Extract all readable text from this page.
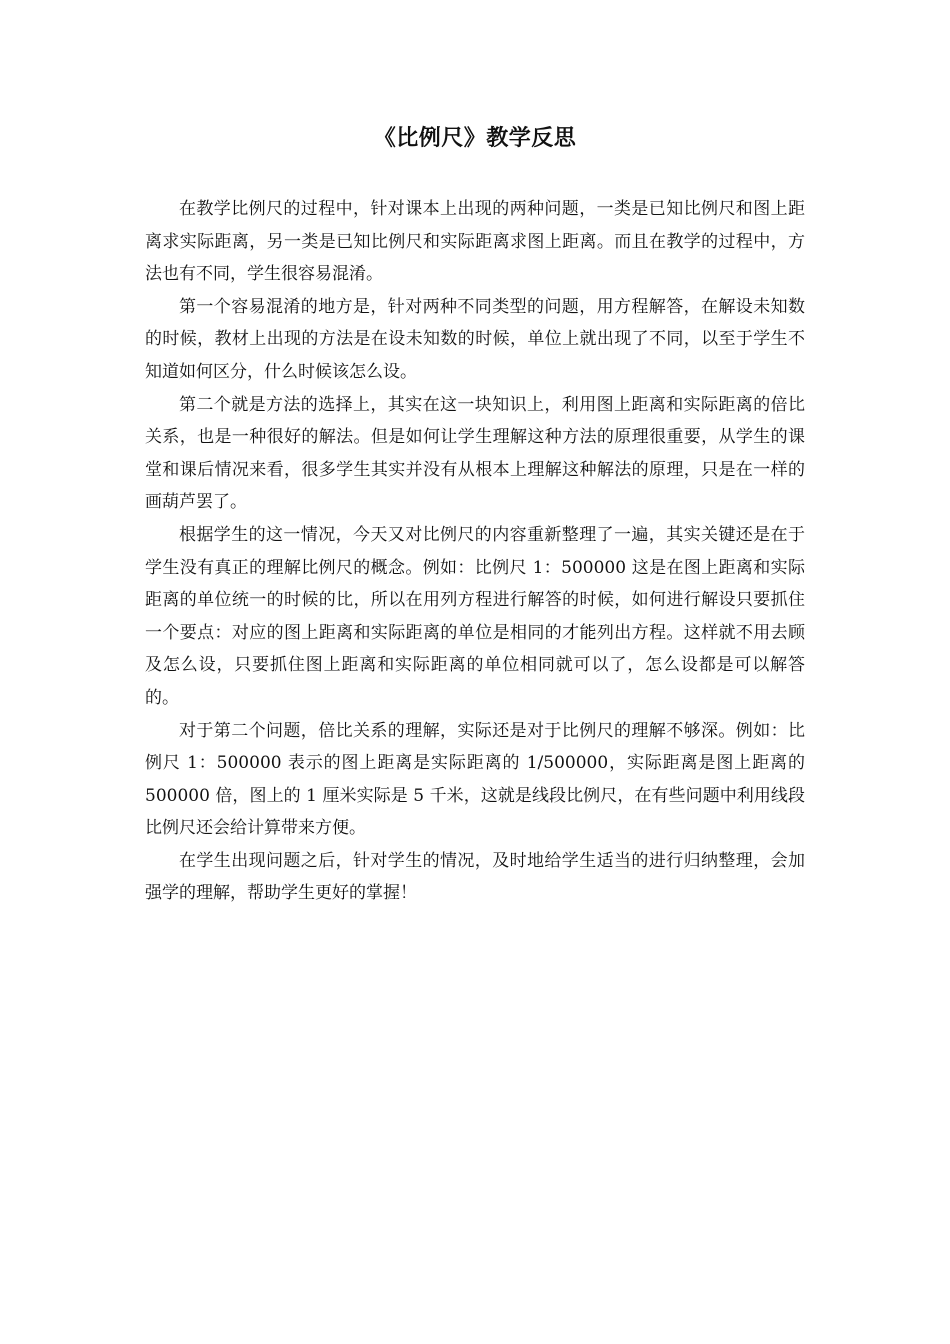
《比例尺》教学反思

在教学比例尺的过程中，针对课本上出现的两种问题，一类是已知比例尺和图上距离求实际距离，另一类是已知比例尺和实际距离求图上距离。而且在教学的过程中，方法也有不同，学生很容易混淆。

第一个容易混淆的地方是，针对两种不同类型的问题，用方程解答，在解设未知数的时候，教材上出现的方法是在设未知数的时候，单位上就出现了不同，以至于学生不知道如何区分，什么时候该怎么设。

第二个就是方法的选择上，其实在这一块知识上，利用图上距离和实际距离的倍比关系，也是一种很好的解法。但是如何让学生理解这种方法的原理很重要，从学生的课堂和课后情况来看，很多学生其实并没有从根本上理解这种解法的原理，只是在一样的画葫芦罢了。

根据学生的这一情况，今天又对比例尺的内容重新整理了一遍，其实关键还是在于学生没有真正的理解比例尺的概念。例如：比例尺 1：500000 这是在图上距离和实际距离的单位统一的时候的比，所以在用列方程进行解答的时候，如何进行解设只要抓住一个要点：对应的图上距离和实际距离的单位是相同的才能列出方程。这样就不用去顾及怎么设，只要抓住图上距离和实际距离的单位相同就可以了，怎么设都是可以解答的。

对于第二个问题，倍比关系的理解，实际还是对于比例尺的理解不够深。例如：比例尺 1：500000 表示的图上距离是实际距离的 1/500000，实际距离是图上距离的 500000 倍，图上的 1 厘米实际是 5 千米，这就是线段比例尺，在有些问题中利用线段比例尺还会给计算带来方便。

在学生出现问题之后，针对学生的情况，及时地给学生适当的进行归纳整理，会加强学的理解，帮助学生更好的掌握！
